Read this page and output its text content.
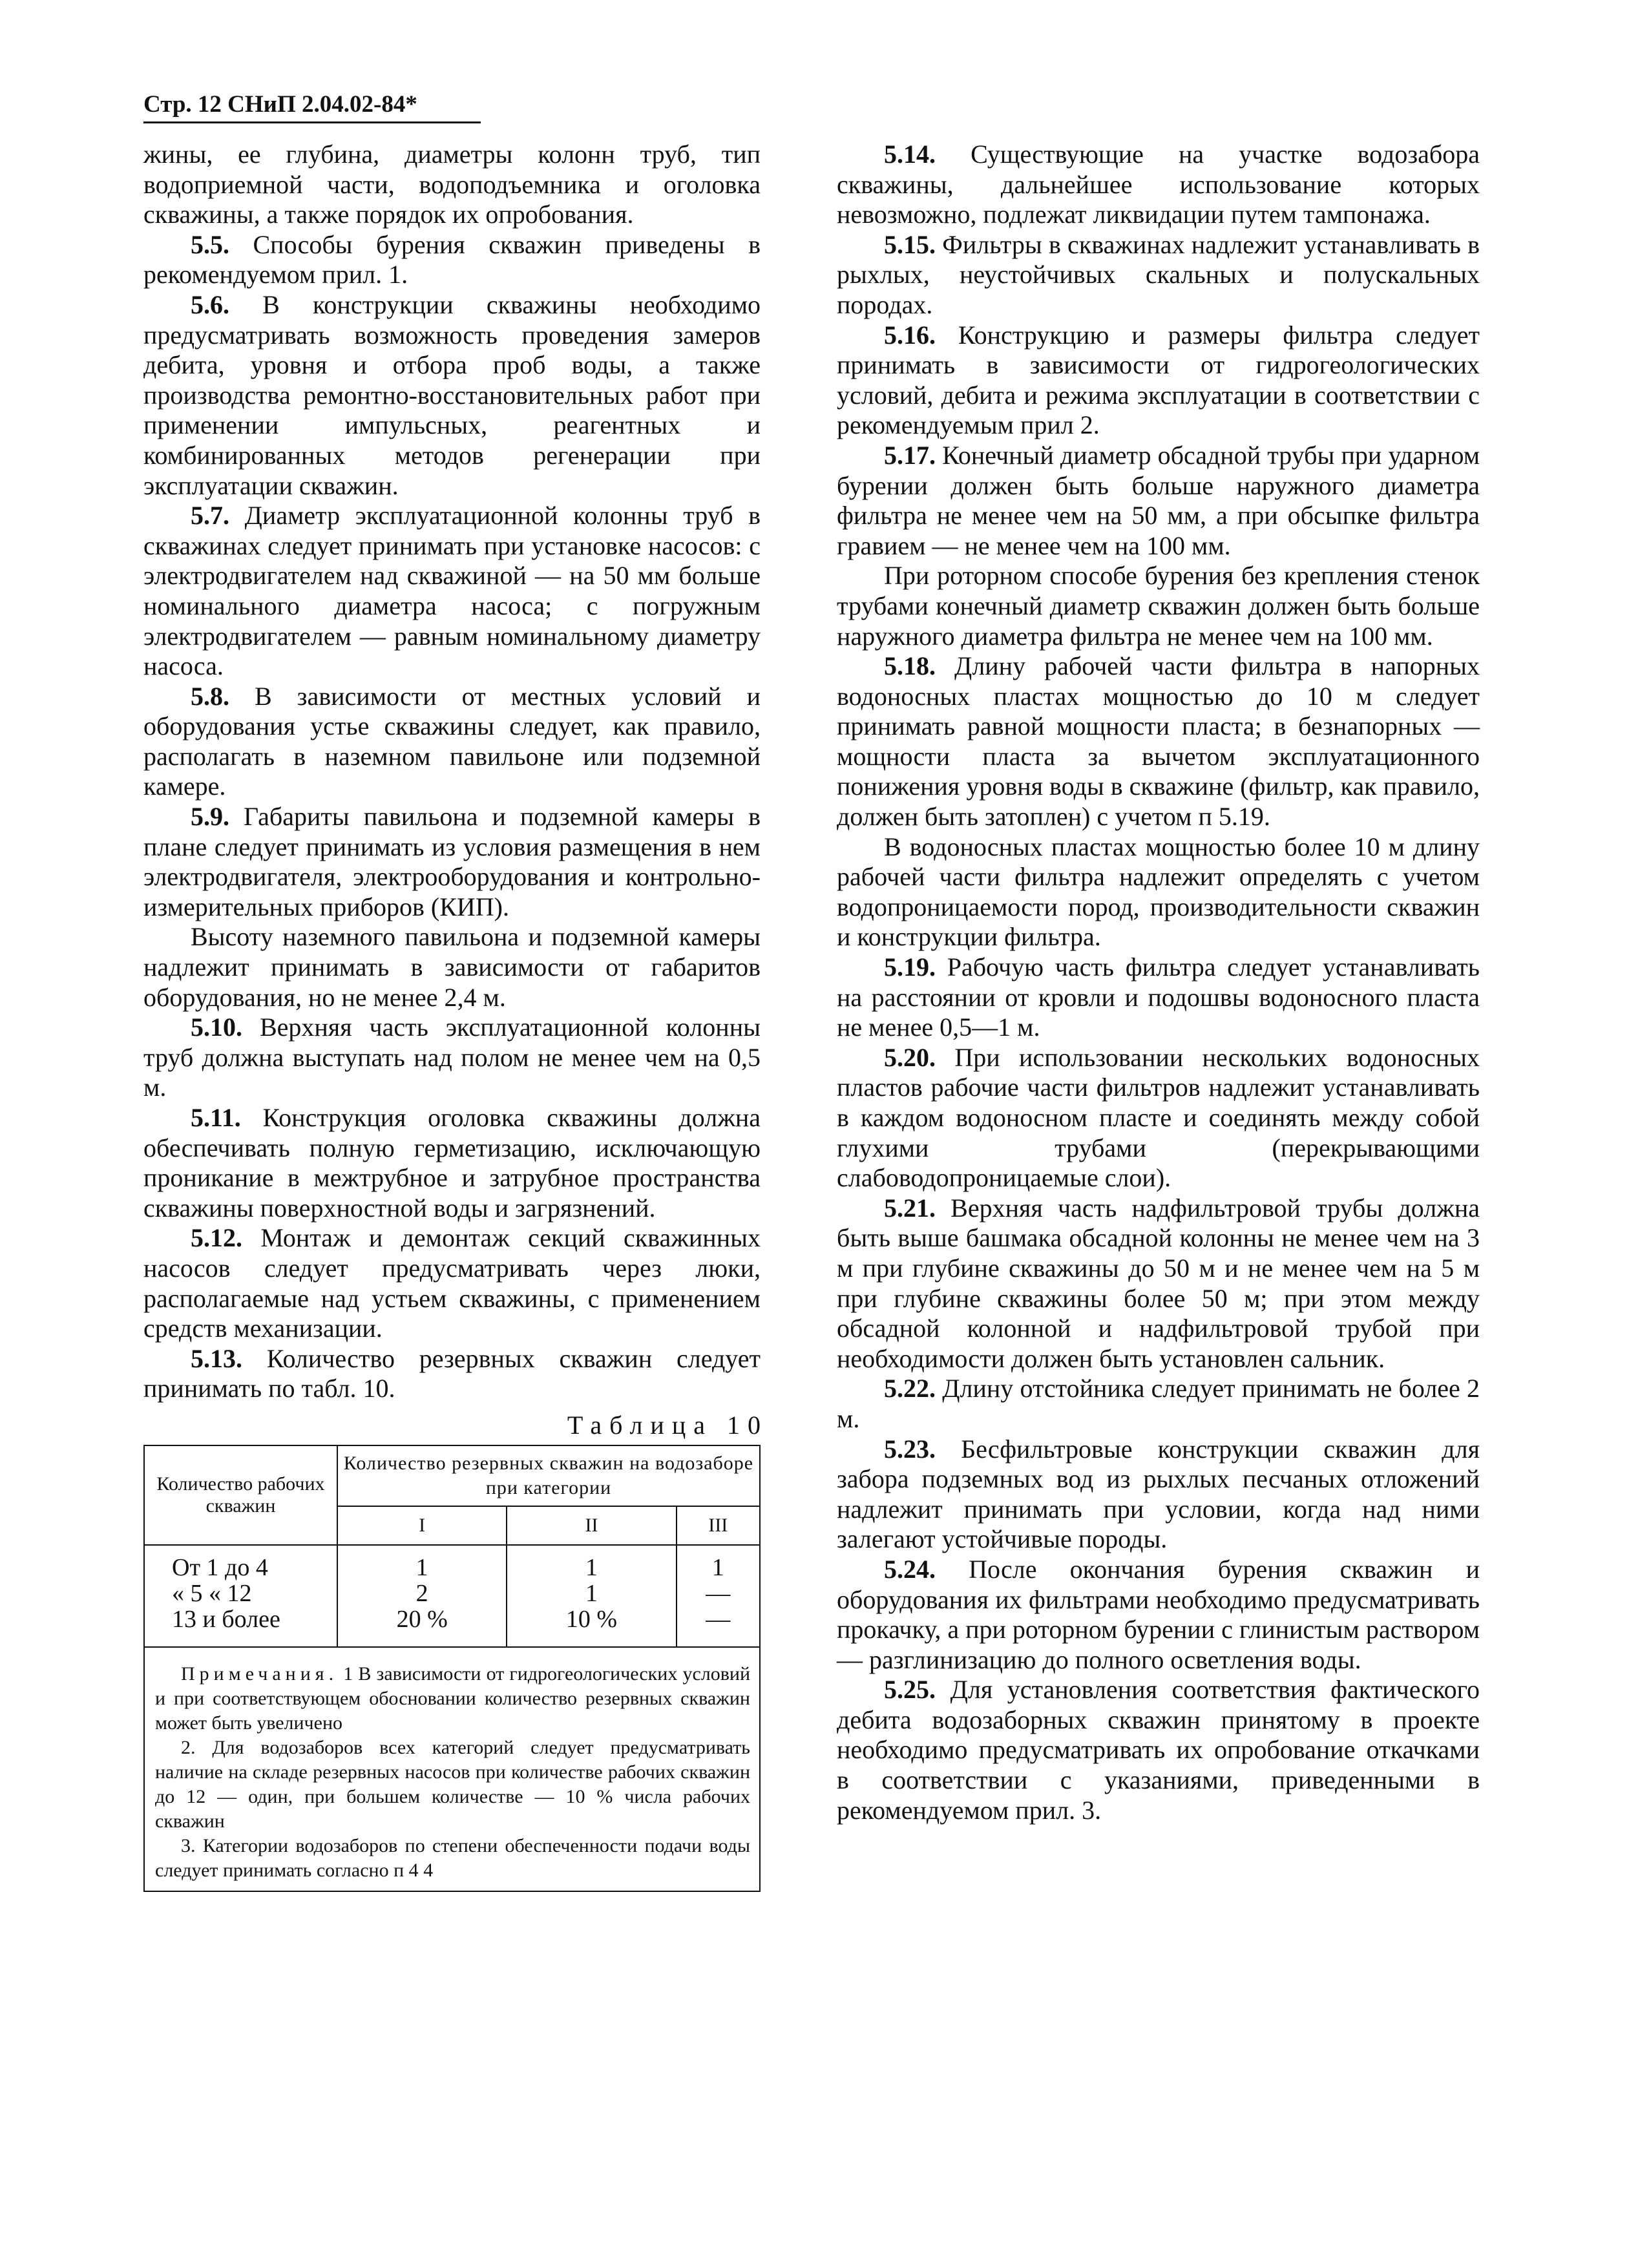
Стр. 12 СНиП 2.04.02-84*

жины, ее глубина, диаметры колонн труб, тип водоприемной части, водоподъемника и оголовка скважины, а также порядок их опробования.

5.5. Способы бурения скважин приведены в рекомендуемом прил. 1.

5.6. В конструкции скважины необходимо предусматривать возможность проведения замеров дебита, уровня и отбора проб воды, а также производства ремонтно-восстановительных работ при применении импульсных, реагентных и комбинированных методов регенерации при эксплуатации скважин.

5.7. Диаметр эксплуатационной колонны труб в скважинах следует принимать при установке насосов: с электродвигателем над скважиной — на 50 мм больше номинального диаметра насоса; с погружным электродвигателем — равным номинальному диаметру насоса.

5.8. В зависимости от местных условий и оборудования устье скважины следует, как правило, располагать в наземном павильоне или подземной камере.

5.9. Габариты павильона и подземной камеры в плане следует принимать из условия размещения в нем электродвигателя, электрооборудования и контрольно-измерительных приборов (КИП).

Высоту наземного павильона и подземной камеры надлежит принимать в зависимости от габаритов оборудования, но не менее 2,4 м.

5.10. Верхняя часть эксплуатационной колонны труб должна выступать над полом не менее чем на 0,5 м.

5.11. Конструкция оголовка скважины должна обеспечивать полную герметизацию, исключающую проникание в межтрубное и затрубное пространства скважины поверхностной воды и загрязнений.

5.12. Монтаж и демонтаж секций скважинных насосов следует предусматривать через люки, располагаемые над устьем скважины, с применением средств механизации.

5.13. Количество резервных скважин следует принимать по табл. 10.

Таблица 10
Количество рабочих скважин	Количество резервных скважин на водозаборе при категории		
	I	II	III
От 1 до 4	1	1	1
« 5 « 12	2	1	—
13 и более	20 %	10 %	—

Примечания. 1 В зависимости от гидрогеологических условий и при соответствующем обосновании количество резервных скважин может быть увеличено

2. Для водозаборов всех категорий следует предусматривать наличие на складе резервных насосов при количестве рабочих скважин до 12 — один, при большем количестве — 10 % числа рабочих скважин

3. Категории водозаборов по степени обеспеченности подачи воды следует принимать согласно п 4 4

5.14. Существующие на участке водозабора скважины, дальнейшее использование которых невозможно, подлежат ликвидации путем тампонажа.

5.15. Фильтры в скважинах надлежит устанавливать в рыхлых, неустойчивых скальных и полускальных породах.

5.16. Конструкцию и размеры фильтра следует принимать в зависимости от гидрогеологических условий, дебита и режима эксплуатации в соответствии с рекомендуемым прил 2.

5.17. Конечный диаметр обсадной трубы при ударном бурении должен быть больше наружного диаметра фильтра не менее чем на 50 мм, а при обсыпке фильтра гравием — не менее чем на 100 мм.

При роторном способе бурения без крепления стенок трубами конечный диаметр скважин должен быть больше наружного диаметра фильтра не менее чем на 100 мм.

5.18. Длину рабочей части фильтра в напорных водоносных пластах мощностью до 10 м следует принимать равной мощности пласта; в безнапорных — мощности пласта за вычетом эксплуатационного понижения уровня воды в скважине (фильтр, как правило, должен быть затоплен) с учетом п 5.19.

В водоносных пластах мощностью более 10 м длину рабочей части фильтра надлежит определять с учетом водопроницаемости пород, производительности скважин и конструкции фильтра.

5.19. Рабочую часть фильтра следует устанавливать на расстоянии от кровли и подошвы водоносного пласта не менее 0,5—1 м.

5.20. При использовании нескольких водоносных пластов рабочие части фильтров надлежит устанавливать в каждом водоносном пласте и соединять между собой глухими трубами (перекрывающими слабоводопроницаемые слои).

5.21. Верхняя часть надфильтровой трубы должна быть выше башмака обсадной колонны не менее чем на 3 м при глубине скважины до 50 м и не менее чем на 5 м при глубине скважины более 50 м; при этом между обсадной колонной и надфильтровой трубой при необходимости должен быть установлен сальник.

5.22. Длину отстойника следует принимать не более 2 м.

5.23. Бесфильтровые конструкции скважин для забора подземных вод из рыхлых песчаных отложений надлежит принимать при условии, когда над ними залегают устойчивые породы.

5.24. После окончания бурения скважин и оборудования их фильтрами необходимо предусматривать прокачку, а при роторном бурении с глинистым раствором — разглинизацию до полного осветления воды.

5.25. Для установления соответствия фактического дебита водозаборных скважин принятому в проекте необходимо предусматривать их опробование откачками в соответствии с указаниями, приведенными в рекомендуемом прил. 3.
